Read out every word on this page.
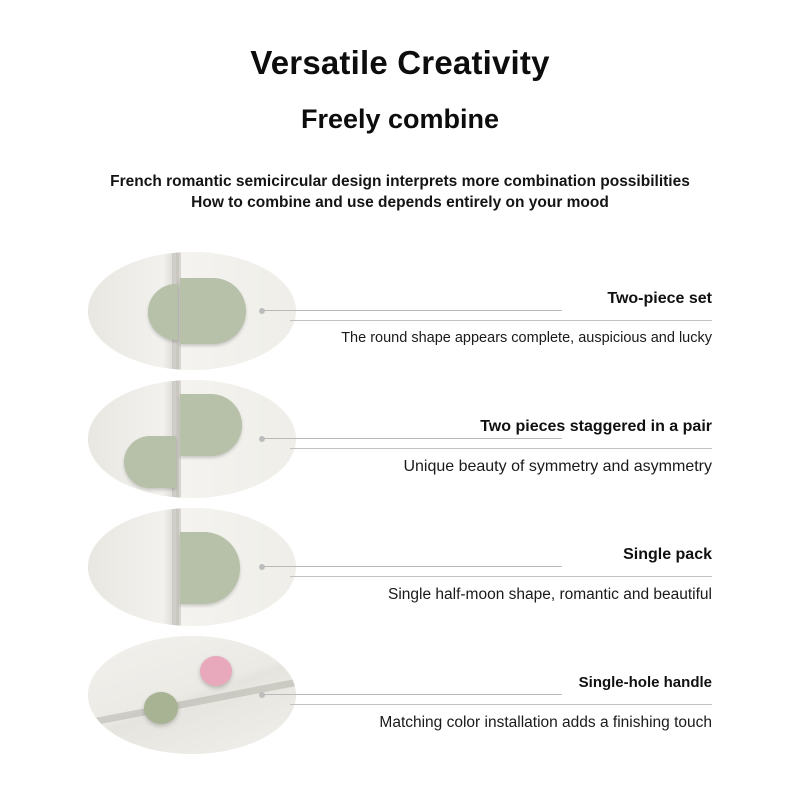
Versatile Creativity
Freely combine
French romantic semicircular design interprets more combination possibilities How to combine and use depends entirely on your mood
Two-piece set
The round shape appears complete, auspicious and lucky
Two pieces staggered in a pair
Unique beauty of symmetry and asymmetry
Single pack
Single half-moon shape, romantic and beautiful
Single-hole handle
Matching color installation adds a finishing touch
